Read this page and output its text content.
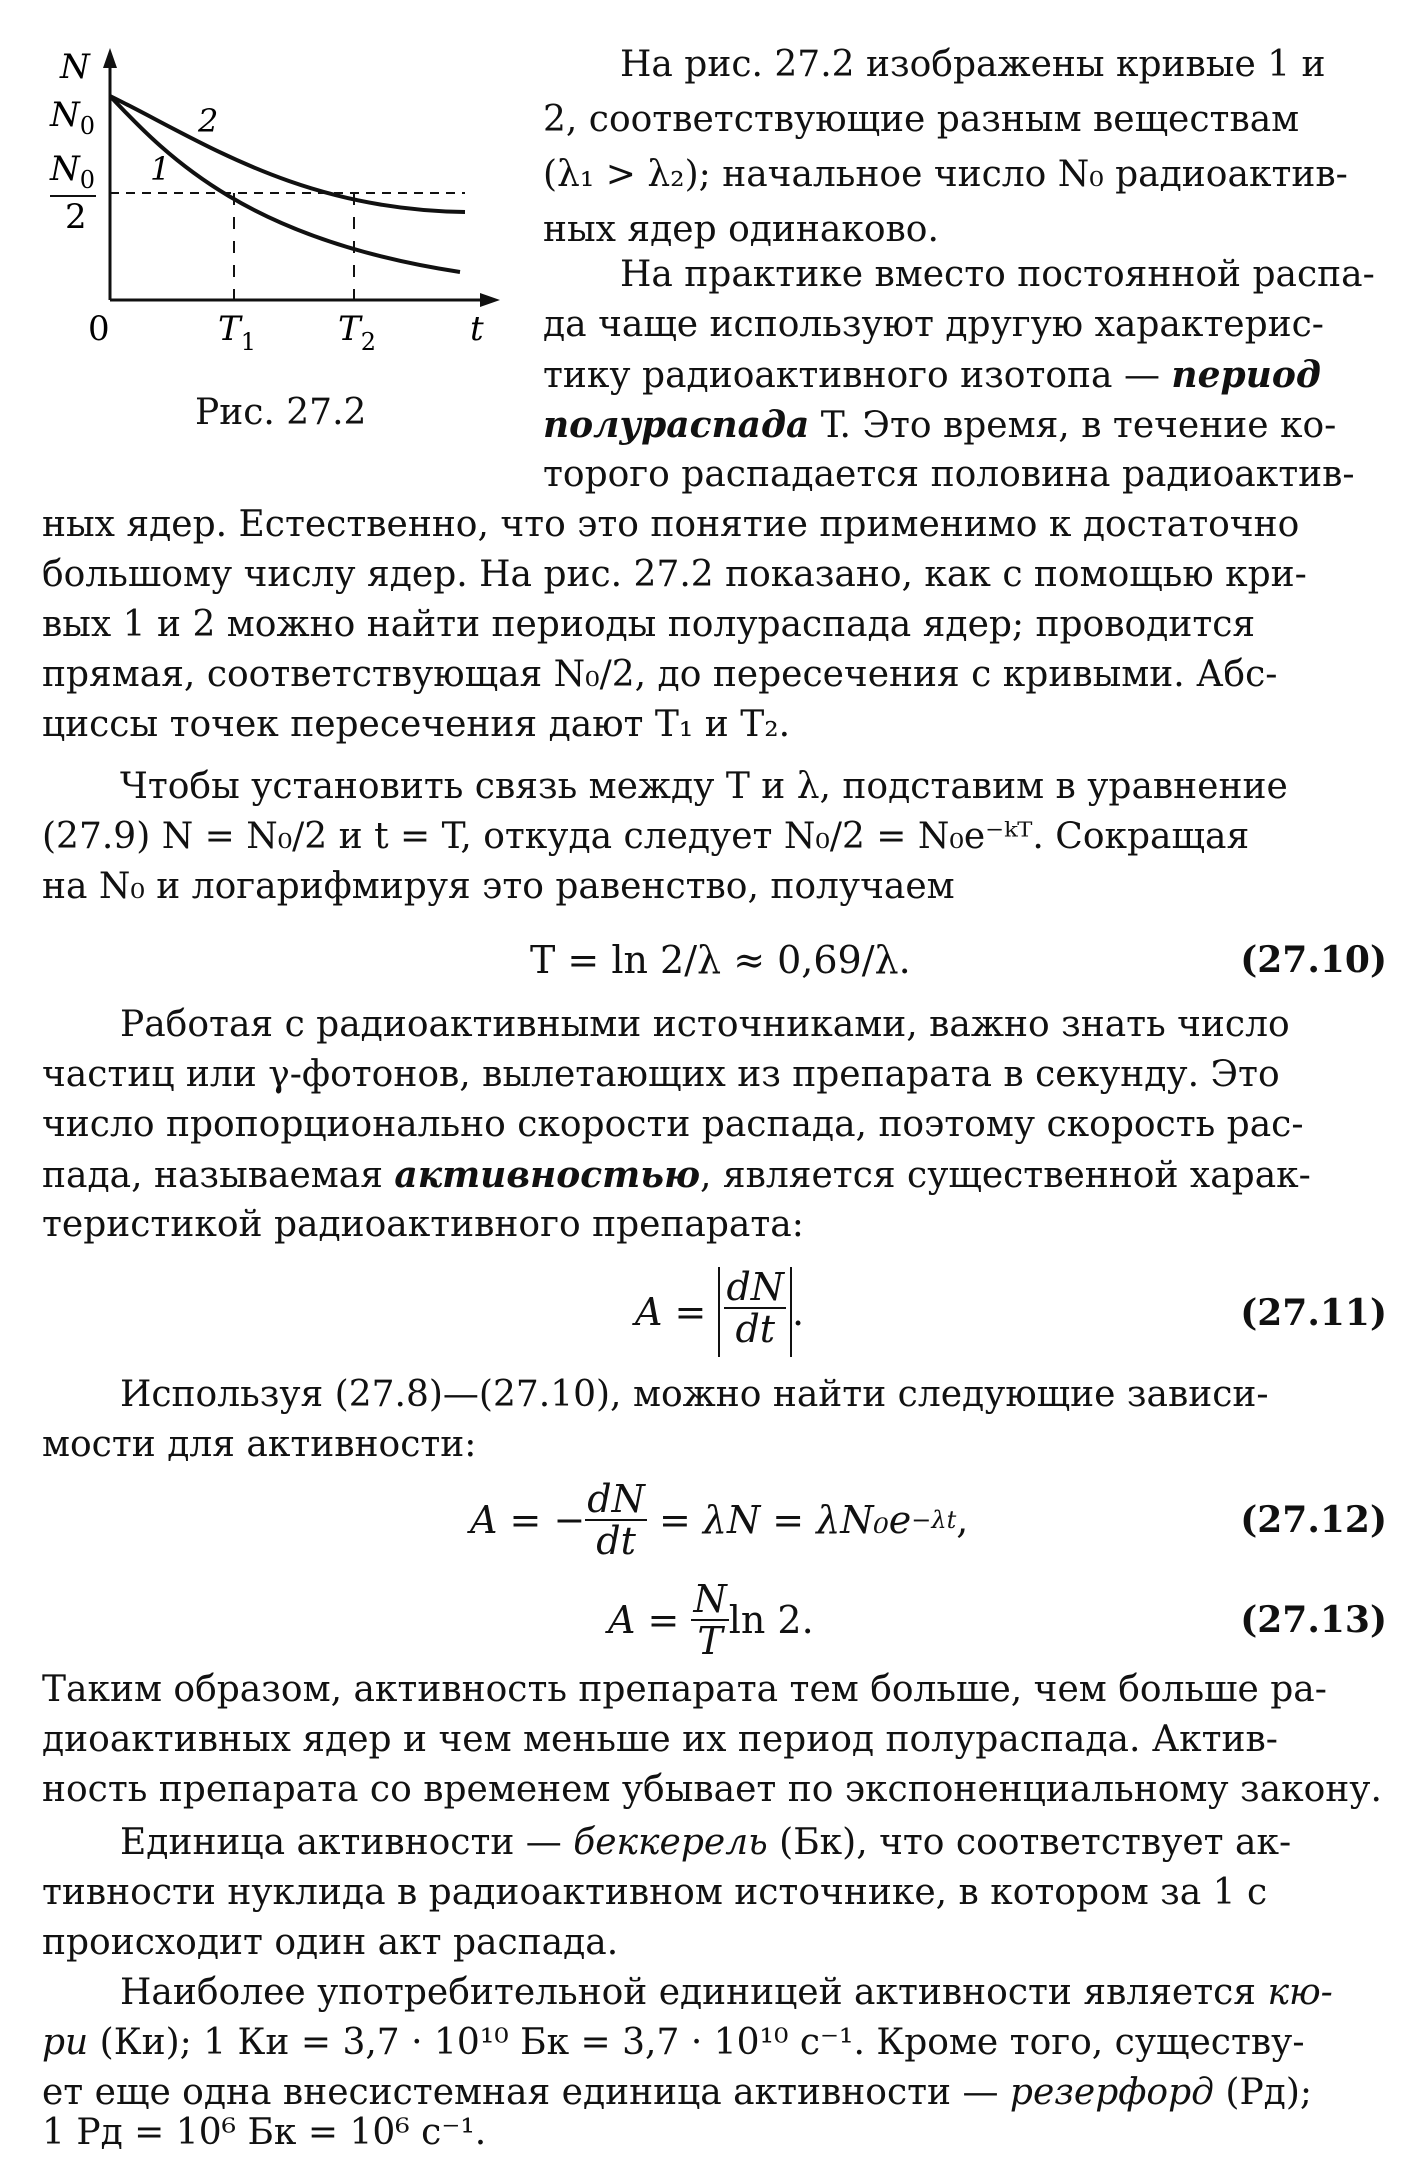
N
$N_0$
$N_0$
2
2
1
0	$T_1$ $T_2$	t
Рис. 27.2
На рис. 27.2 изображены кривые 1 и
2, соответствующие разным веществам
(λ₁ > λ₂); начальное число N₀ радиоактив-
ных ядер одинаково.
На практике вместо постоянной распа-
да чаще используют другую характерис-
тику радиоактивного изотопа — период
полураспада T. Это время, в течение ко-
торого распадается половина радиоактив-
ных ядер. Естественно, что это понятие применимо к достаточно
большому числу ядер. На рис. 27.2 показано, как с помощью кри-
вых 1 и 2 можно найти периоды полураспада ядер; проводится
прямая, соответствующая N₀/2, до пересечения с кривыми. Абс-
циссы точек пересечения дают T₁ и T₂.
Чтобы установить связь между T и λ, подставим в уравнение
(27.9) N = N₀/2 и t = T, откуда следует N₀/2 = N₀e⁻ᵏᵀ. Сокращая
на N₀ и логарифмируя это равенство, получаем
T = ln 2/λ ≈ 0,69/λ.	(27.10)
Работая с радиоактивными источниками, важно знать число
частиц или γ-фотонов, вылетающих из препарата в секунду. Это
число пропорционально скорости распада, поэтому скорость рас-
пада, называемая активностью, является существенной харак-
теристикой радиоактивного препарата:
A =
$\frac{dN}{dt}$ .	(27.11)
Используя (27.8)—(27.10), можно найти следующие зависи-
мости для активности:
A = − $\frac{dN}{dt}$
= λN = λN₀e −λt ,	(27.12)
A =
$\frac{N}{T}$ ln 2.	(27.13)
Таким образом, активность препарата тем больше, чем больше ра-
диоактивных ядер и чем меньше их период полураспада. Актив-
ность препарата со временем убывает по экспоненциальному закону.
Единица активности — беккерель (Бк), что соответствует ак-
тивности нуклида в радиоактивном источнике, в котором за 1 с
происходит один акт распада.
Наиболее употребительной единицей активности является кю-
ри (Ки); 1 Ки = 3,7 · 10¹⁰ Бк = 3,7 · 10¹⁰ с⁻¹. Кроме того, существу-
ет еще одна внесистемная единица активности — резерфорд (Рд);
1 Рд = 10⁶ Бк = 10⁶ с⁻¹.
